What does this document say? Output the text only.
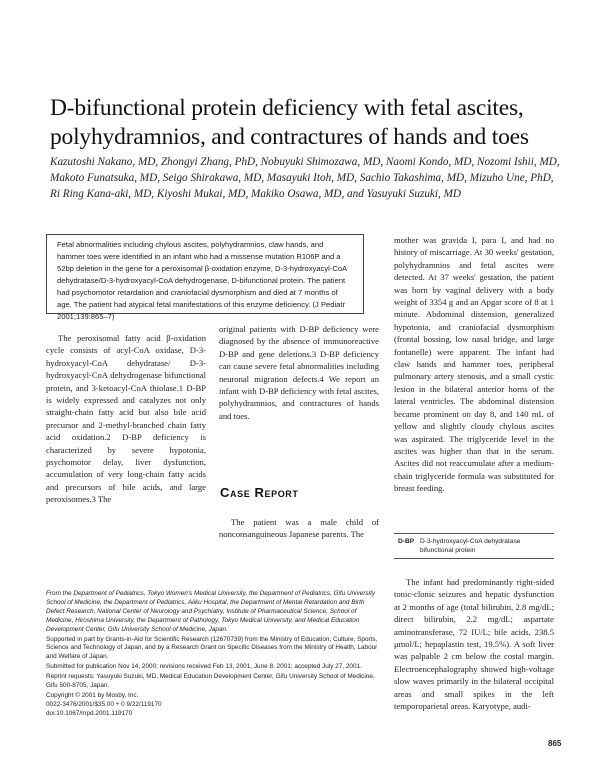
D-bifunctional protein deficiency with fetal ascites, polyhydramnios, and contractures of hands and toes
Kazutoshi Nakano, MD, Zhongyi Zhang, PhD, Nobuyuki Shimozawa, MD, Naomi Kondo, MD, Nozomi Ishii, MD, Makoto Funatsuka, MD, Seigo Shirakawa, MD, Masayuki Itoh, MD, Sachio Takashima, MD, Mizuho Une, PhD, Ri Ring Kana-aki, MD, Kiyoshi Mukai, MD, Makiko Osawa, MD, and Yasuyuki Suzuki, MD

Fetal abnormalities including chylous ascites, polyhydramnios, claw hands, and hammer toes were identified in an infant who had a missense mutation R106P and a 52bp deletion in the gene for a peroxisomal β-oxidation enzyme, D-3-hydroxyacyl-CoA dehydratase/D-3-hydroxyacyl-CoA dehydrogenase, D-bifunctional protein. The patient had psychomotor retardation and craniofacial dysmorphism and died at 7 months of age. The patient had atypical fetal manifestations of this enzyme deficiency. (J Pediatr 2001;139:865–7)

The peroxisomal fatty acid β-oxidation cycle consists of acyl-CoA oxidase, D-3-hydroxyacyl-CoA dehydratase/ D-3-hydroxyacyl-CoA dehydrogenase bifunctional protein, and 3-ketoacyl-CoA thiolase.1 D-BP is widely expressed and catalyzes not only straight-chain fatty acid but also bile acid precursor and 2-methyl-branched chain fatty acid oxidation.2 D-BP deficiency is characterized by severe hypotonia, psychomotor delay, liver dysfunction, accumulation of very long-chain fatty acids and precursors of bile acids, and large peroxisomes.3 The

original patients with D-BP deficiency were diagnosed by the absence of immunoreactive D-BP and gene deletions.3 D-BP deficiency can cause severe fetal abnormalities including neuronal migration defects.4 We report an infant with D-BP deficiency with fetal ascites, polyhydramnios, and contractures of hands and toes.

Case Report

The patient was a male child of nonconsanguineous Japanese parents. The

mother was gravida I, para I, and had no history of miscarriage. At 30 weeks' gestation, polyhydramnios and fetal ascites were detected. At 37 weeks' gestation, the patient was born by vaginal delivery with a body weight of 3354 g and an Apgar score of 8 at 1 minute. Abdominal distension, generalized hypotonia, and craniofacial dysmorphism (frontal bossing, low nasal bridge, and large fontanelle) were apparent. The infant had claw hands and hammer toes, peripheral pulmonary artery stenosis, and a small cystic lesion in the bilateral anterior horns of the lateral ventricles. The abdominal distension became prominent on day 8, and 140 mL of yellow and slightly cloudy chylous ascites was aspirated. The triglyceride level in the ascites was higher than that in the serum. Ascites did not reaccumulate after a medium-chain triglyceride formula was substituted for breast feeding.

D-BP D-3-hydroxyacyl-CoA dehydratase bifunctional protein

The infant had predominantly right-sided tonic-clonic seizures and hepatic dysfunction at 2 months of age (total bilirubin, 2.8 mg/dL; direct bilirubin, 2.2 mg/dL; aspartate aminotransferase, 72 IU/L; bile acids, 238.5 μmol/L; hepaplastin test, 19.5%). A soft liver was palpable 2 cm below the costal margin. Electroencephalography showed high-voltage slow waves primarily in the bilateral occipital areas and small spikes in the left temporoparietal areas. Karyotype, audi-

From the Department of Pediatrics, Tokyo Women's Medical University, the Department of Pediatrics, Gifu University School of Medicine, the Department of Pediatrics, Aiiku Hospital, the Department of Mental Retardation and Birth Defect Research, National Center of Neurology and Psychiatry, Institute of Pharmaceutical Science, School of Medicine, Hiroshima University, the Department of Pathology, Tokyo Medical University, and Medical Education Development Center, Gifu University School of Medicine, Japan.

Supported in part by Grants-in-Aid for Scientific Research (12670739) from the Ministry of Education, Culture, Sports, Science and Technology of Japan, and by a Research Grant on Specific Diseases from the Ministry of Health, Labour and Welfare of Japan.

Submitted for publication Nov 14, 2000; revisions received Feb 13, 2001, June 8, 2001; accepted July 27, 2001.

Reprint requests: Yasuyuki Suzuki, MD, Medical Education Development Center, Gifu University School of Medicine, Gifu 500-8705, Japan.

Copyright © 2001 by Mosby, Inc.

0022-3476/2001/$35.00 + 0 9/22/119170

doi:10.1067/mpd.2001.119170

865
